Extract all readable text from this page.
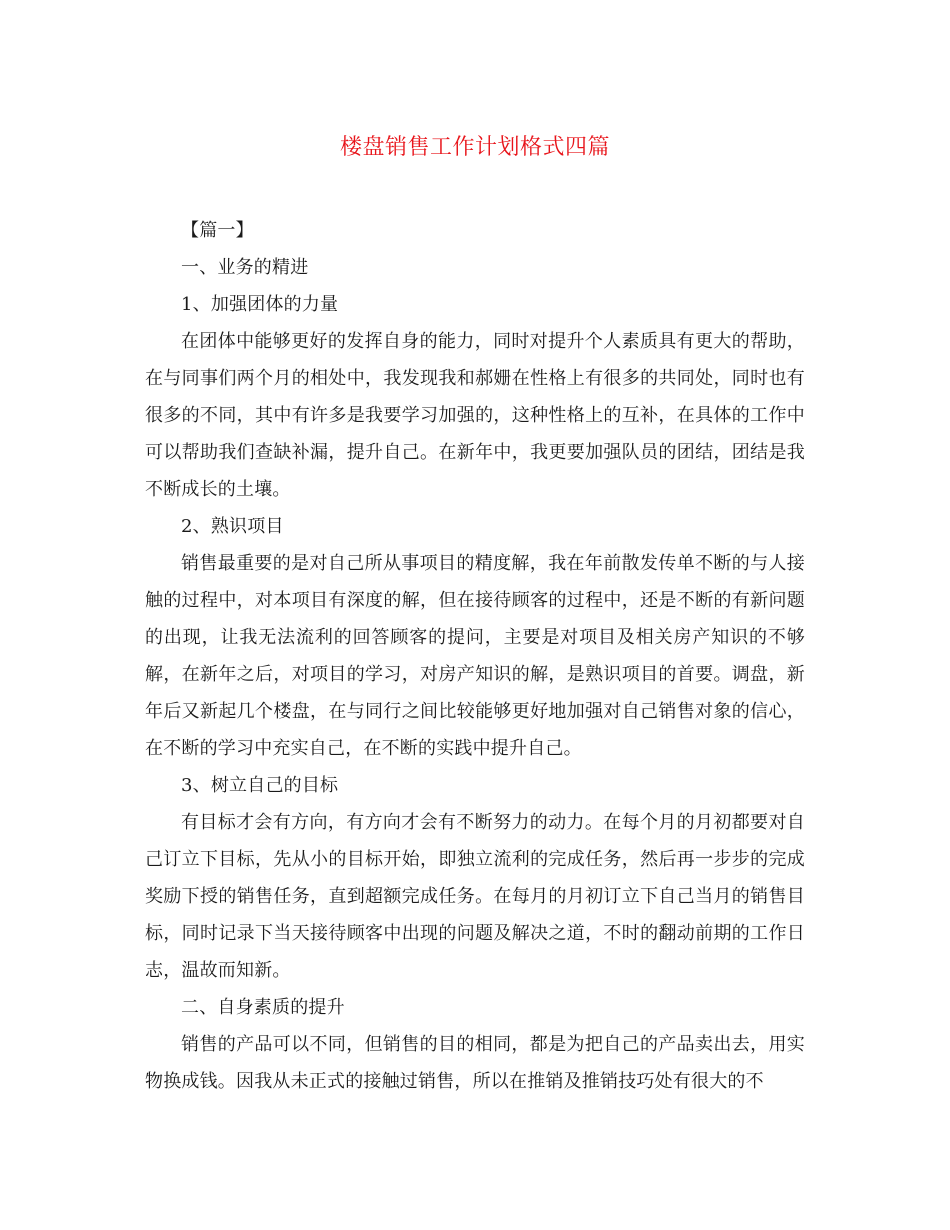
楼盘销售工作计划格式四篇

【篇一】

一、业务的精进

1、加强团体的力量

在团体中能够更好的发挥自身的能力，同时对提升个人素质具有更大的帮助，在与同事们两个月的相处中，我发现我和郝姗在性格上有很多的共同处，同时也有很多的不同，其中有许多是我要学习加强的，这种性格上的互补，在具体的工作中可以帮助我们查缺补漏，提升自己。在新年中，我更要加强队员的团结，团结是我不断成长的土壤。

2、熟识项目

销售最重要的是对自己所从事项目的精度解，我在年前散发传单不断的与人接触的过程中，对本项目有深度的解，但在接待顾客的过程中，还是不断的有新问题的出现，让我无法流利的回答顾客的提问，主要是对项目及相关房产知识的不够解，在新年之后，对项目的学习，对房产知识的解，是熟识项目的首要。调盘，新年后又新起几个楼盘，在与同行之间比较能够更好地加强对自己销售对象的信心，在不断的学习中充实自己，在不断的实践中提升自己。

3、树立自己的目标

有目标才会有方向，有方向才会有不断努力的动力。在每个月的月初都要对自己订立下目标，先从小的目标开始，即独立流利的完成任务，然后再一步步的完成奖励下授的销售任务，直到超额完成任务。在每月的月初订立下自己当月的销售目标，同时记录下当天接待顾客中出现的问题及解决之道，不时的翻动前期的工作日志，温故而知新。

二、自身素质的提升

销售的产品可以不同，但销售的目的相同，都是为把自己的产品卖出去，用实物换成钱。因我从未正式的接触过销售，所以在推销及推销技巧处有很大的不
